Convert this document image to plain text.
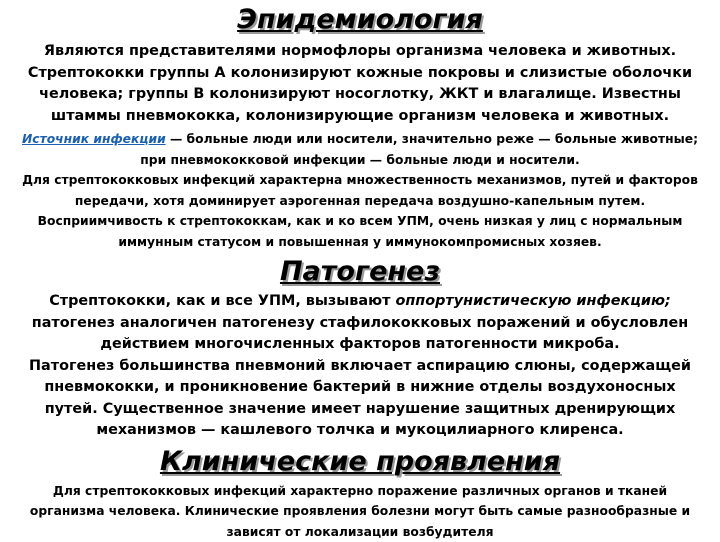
Эпидемиология

Являются представителями нормофлоры организма человека и животных. Стрептококки группы А колонизируют кожные покровы и слизистые оболочки человека; группы В колонизируют носоглотку, ЖКТ и влагалище. Известны штаммы пневмококка, колонизирующие организм человека и животных.

Источник инфекции — больные люди или носители, значительно реже — больные животные; при пневмококковой инфекции — больные люди и носители.

Для стрептококковых инфекций характерна множественность механизмов, путей и факторов передачи, хотя доминирует аэрогенная передача воздушно-капельным путем. Восприимчивость к стрептококкам, как и ко всем УПМ, очень низкая у лиц с нормальным иммунным статусом и повышенная у иммунокомпромисных хозяев.

Патогенез

Стрептококки, как и все УПМ, вызывают оппортунистическую инфекцию; патогенез аналогичен патогенезу стафилококковых поражений и обусловлен действием многочисленных факторов патогенности микроба.

Патогенез большинства пневмоний включает аспирацию слюны, содержащей пневмококки, и проникновение бактерий в нижние отделы воздухоносных путей. Существенное значение имеет нарушение защитных дренирующих механизмов — кашлевого толчка и мукоцилиарного клиренса.

Клинические проявления

Для стрептококковых инфекций характерно поражение различных органов и тканей организма человека. Клинические проявления болезни могут быть самые разнообразные и зависят от локализации возбудителя
